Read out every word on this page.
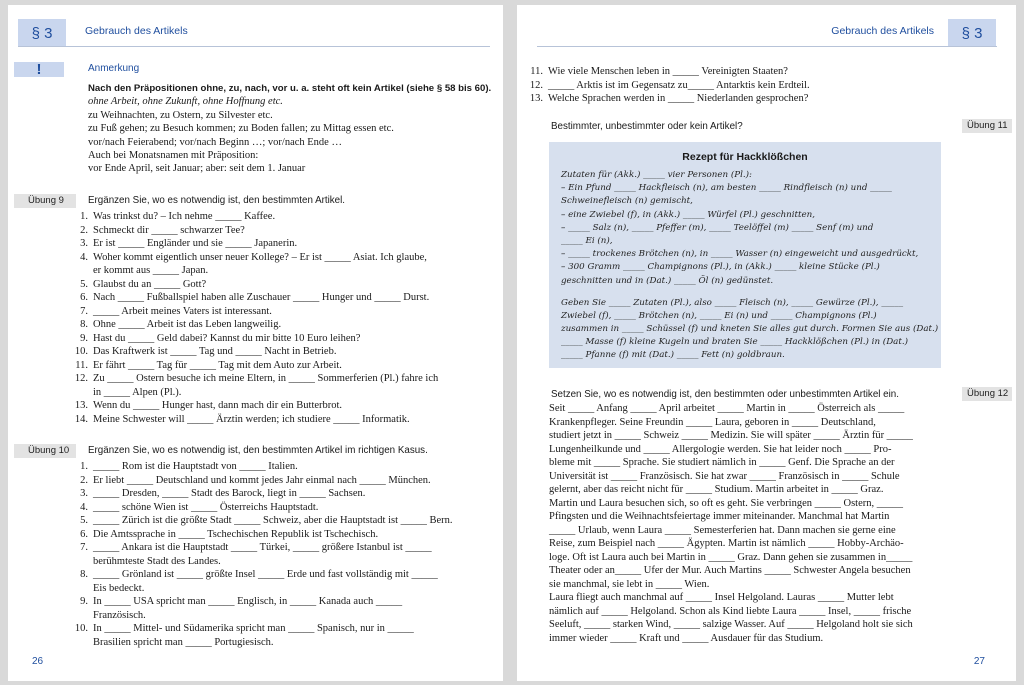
§ 3	Gebrauch des Artikels
!	Anmerkung
Nach den Präpositionen ohne, zu, nach, vor u. a. steht oft kein Artikel (siehe § 58 bis 60).
ohne Arbeit, ohne Zukunft, ohne Hoffnung etc.
zu Weihnachten, zu Ostern, zu Silvester etc.
zu Fuß gehen; zu Besuch kommen; zu Boden fallen; zu Mittag essen etc.
vor/nach Feierabend; vor/nach Beginn …; vor/nach Ende …
Auch bei Monatsnamen mit Präposition:
vor Ende April, seit Januar; aber: seit dem 1. Januar
Übung 9	Ergänzen Sie, wo es notwendig ist, den bestimmten Artikel.
1. Was trinkst du? – Ich nehme _____ Kaffee.
2. Schmeckt dir _____ schwarzer Tee?
3. Er ist _____ Engländer und sie _____ Japanerin.
4. Woher kommt eigentlich unser neuer Kollege? – Er ist _____ Asiat. Ich glaube,
er kommt aus _____ Japan.
5. Glaubst du an _____ Gott?
6. Nach _____ Fußballspiel haben alle Zuschauer _____ Hunger und _____ Durst.
7. _____ Arbeit meines Vaters ist interessant.
8. Ohne _____ Arbeit ist das Leben langweilig.
9. Hast du _____ Geld dabei? Kannst du mir bitte 10 Euro leihen?
10. Das Kraftwerk ist _____ Tag und _____ Nacht in Betrieb.
11. Er fährt _____ Tag für _____ Tag mit dem Auto zur Arbeit.
12. Zu _____ Ostern besuche ich meine Eltern, in _____ Sommerferien (Pl.) fahre ich
in _____ Alpen (Pl.).
13. Wenn du _____ Hunger hast, dann mach dir ein Butterbrot.
14. Meine Schwester will _____ Ärztin werden; ich studiere _____ Informatik.
Übung 10	Ergänzen Sie, wo es notwendig ist, den bestimmten Artikel im richtigen Kasus.
1. _____ Rom ist die Hauptstadt von _____ Italien.
2. Er liebt _____ Deutschland und kommt jedes Jahr einmal nach _____ München.
3. _____ Dresden, _____ Stadt des Barock, liegt in _____ Sachsen.
4. _____ schöne Wien ist _____ Österreichs Hauptstadt.
5. _____ Zürich ist die größte Stadt _____ Schweiz, aber die Hauptstadt ist _____ Bern.
6. Die Amtssprache in _____ Tschechischen Republik ist Tschechisch.
7. _____ Ankara ist die Hauptstadt _____ Türkei, _____ größere Istanbul ist _____
berühmteste Stadt des Landes.
8. _____ Grönland ist _____ größte Insel _____ Erde und fast vollständig mit _____
Eis bedeckt.
9. In _____ USA spricht man _____ Englisch, in _____ Kanada auch _____
Französisch.
10. In _____ Mittel- und Südamerika spricht man _____ Spanisch, nur in _____
Brasilien spricht man _____ Portugiesisch.
26
Gebrauch des Artikels	§ 3
11. Wie viele Menschen leben in _____ Vereinigten Staaten?
12. _____ Arktis ist im Gegensatz zu_____ Antarktis kein Erdteil.
13. Welche Sprachen werden in _____ Niederlanden gesprochen?
Bestimmter, unbestimmter oder kein Artikel?	Übung 11
Rezept für Hackklößchen
Zutaten für (Akk.) _____ vier Personen (Pl.):
– Ein Pfund _____ Hackfleisch (n), am besten _____ Rindfleisch (n) und _____
Schweinefleisch (n) gemischt,
– eine Zwiebel (f), in (Akk.) _____ Würfel (Pl.) geschnitten,
– _____ Salz (n), _____ Pfeffer (m), _____ Teelöffel (m) _____ Senf (m) und
_____ Ei (n),
– _____ trockenes Brötchen (n), in _____ Wasser (n) eingeweicht und ausgedrückt,
– 300 Gramm _____ Champignons (Pl.), in (Akk.) _____ kleine Stücke (Pl.)
geschnitten und in (Dat.) _____ Öl (n) gedünstet.
Geben Sie _____ Zutaten (Pl.), also _____ Fleisch (n), _____ Gewürze (Pl.), _____
Zwiebel (f), _____ Brötchen (n), _____ Ei (n) und _____ Champignons (Pl.)
zusammen in _____ Schüssel (f) und kneten Sie alles gut durch. Formen Sie aus (Dat.)
_____ Masse (f) kleine Kugeln und braten Sie _____ Hackklößchen (Pl.) in (Dat.)
_____ Pfanne (f) mit (Dat.) _____ Fett (n) goldbraun.
Setzen Sie, wo es notwendig ist, den bestimmten oder unbestimmten Artikel ein.	Übung 12
Seit _____ Anfang _____ April arbeitet _____ Martin in _____ Österreich als _____
Krankenpfleger. Seine Freundin _____ Laura, geboren in _____ Deutschland,
studiert jetzt in _____ Schweiz _____ Medizin. Sie will später _____ Ärztin für _____
Lungenheilkunde und _____ Allergologie werden. Sie hat leider noch _____ Pro-
bleme mit _____ Sprache. Sie studiert nämlich in _____ Genf. Die Sprache an der
Universität ist _____ Französisch. Sie hat zwar _____ Französisch in _____ Schule
gelernt, aber das reicht nicht für _____ Studium. Martin arbeitet in _____ Graz.
Martin und Laura besuchen sich, so oft es geht. Sie verbringen _____ Ostern, _____
Pfingsten und die Weihnachtsfeiertage immer miteinander. Manchmal hat Martin
_____ Urlaub, wenn Laura _____ Semesterferien hat. Dann machen sie gerne eine
Reise, zum Beispiel nach _____ Ägypten. Martin ist nämlich _____ Hobby-Archäo-
loge. Oft ist Laura auch bei Martin in _____ Graz. Dann gehen sie zusammen in_____
Theater oder an_____ Ufer der Mur. Auch Martins _____ Schwester Angela besuchen
sie manchmal, sie lebt in _____ Wien.
Laura fliegt auch manchmal auf _____ Insel Helgoland. Lauras _____ Mutter lebt
nämlich auf _____ Helgoland. Schon als Kind liebte Laura _____ Insel, _____ frische
Seeluft, _____ starken Wind, _____ salzige Wasser. Auf _____ Helgoland holt sie sich
immer wieder _____ Kraft und _____ Ausdauer für das Studium.
27
